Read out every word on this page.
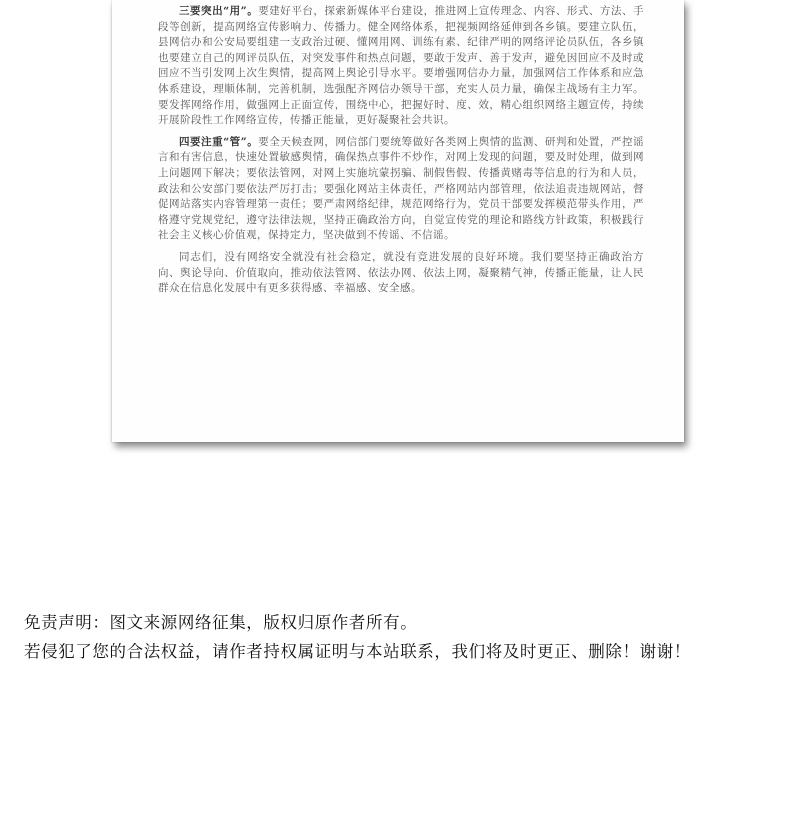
三要突出“用”。要建好平台，探索新媒体平台建设，推进网上宣传理念、内容、形式、方法、手段等创新，提高网络宣传影响力、传播力。健全网络体系，把视频网络延伸到各乡镇。要建立队伍，县网信办和公安局要组建一支政治过硬、懂网用网、训练有素、纪律严明的网络评论员队伍，各乡镇也要建立自己的网评员队伍，对突发事件和热点问题，要敢于发声、善于发声，避免因回应不及时或回应不当引发网上次生舆情，提高网上舆论引导水平。要增强网信办力量，加强网信工作体系和应急体系建设，理顺体制，完善机制，选强配齐网信办领导干部，充实人员力量，确保主战场有主力军。要发挥网络作用，做强网上正面宣传，围绕中心，把握好时、度、效，精心组织网络主题宣传，持续开展阶段性工作网络宣传，传播正能量，更好凝聚社会共识。

四要注重“管”。要全天候查网，网信部门要统筹做好各类网上舆情的监测、研判和处置，严控谣言和有害信息，快速处置敏感舆情，确保热点事件不炒作，对网上发现的问题，要及时处理，做到网上问题网下解决；要依法管网，对网上实施坑蒙拐骗、制假售假、传播黄赌毒等信息的行为和人员，政法和公安部门要依法严厉打击；要强化网站主体责任，严格网站内部管理，依法追责违规网站，督促网站落实内容管理第一责任；要严肃网络纪律，规范网络行为，党员干部要发挥模范带头作用，严格遵守党规党纪，遵守法律法规，坚持正确政治方向，自觉宣传党的理论和路线方针政策，积极践行社会主义核心价值观，保持定力，坚决做到不传谣、不信谣。

同志们，没有网络安全就没有社会稳定，就没有竞进发展的良好环境。我们要坚持正确政治方向、舆论导向、价值取向，推动依法管网、依法办网、依法上网，凝聚精气神，传播正能量，让人民群众在信息化发展中有更多获得感、幸福感、安全感。

免责声明：图文来源网络征集，版权归原作者所有。
若侵犯了您的合法权益，请作者持权属证明与本站联系，我们将及时更正、删除！谢谢！
